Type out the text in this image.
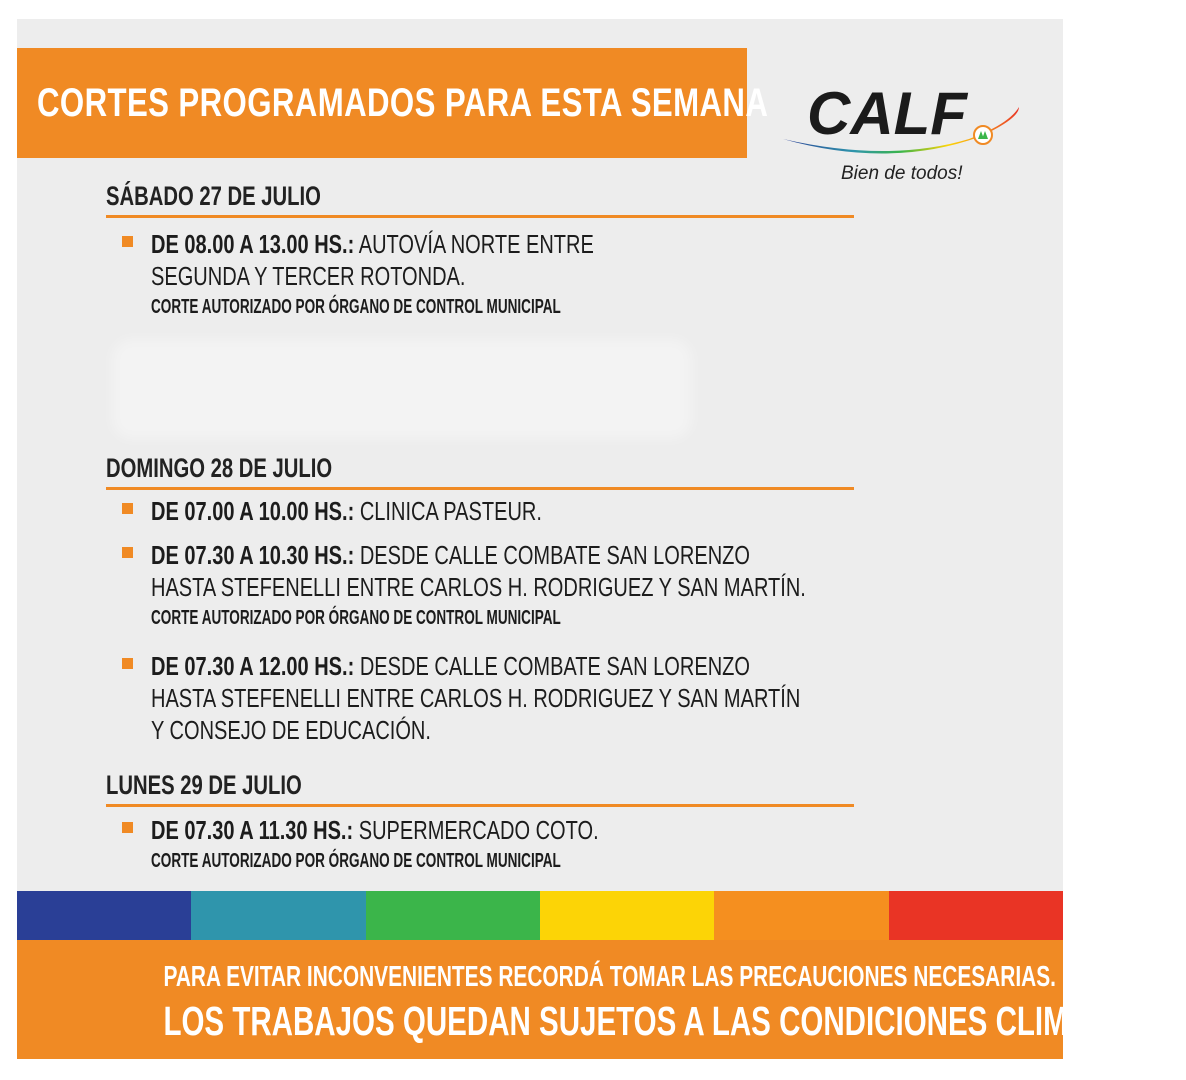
CORTES PROGRAMADOS PARA ESTA SEMANA CALF
Bien de todos!
SÁBADO 27 DE JULIO
DE 08.00 A 13.00 HS.: AUTOVÍA NORTE ENTRE
SEGUNDA Y TERCER ROTONDA.
CORTE AUTORIZADO POR ÓRGANO DE CONTROL MUNICIPAL
DOMINGO 28 DE JULIO
DE 07.00 A 10.00 HS.: CLINICA PASTEUR.
DE 07.30 A 10.30 HS.: DESDE CALLE COMBATE SAN LORENZO
HASTA STEFENELLI ENTRE CARLOS H. RODRIGUEZ Y SAN MARTÍN.
CORTE AUTORIZADO POR ÓRGANO DE CONTROL MUNICIPAL
DE 07.30 A 12.00 HS.: DESDE CALLE COMBATE SAN LORENZO
HASTA STEFENELLI ENTRE CARLOS H. RODRIGUEZ Y SAN MARTÍN
Y CONSEJO DE EDUCACIÓN.
LUNES 29 DE JULIO
DE 07.30 A 11.30 HS.: SUPERMERCADO COTO.
CORTE AUTORIZADO POR ÓRGANO DE CONTROL MUNICIPAL
PARA EVITAR INCONVENIENTES RECORDÁ TOMAR LAS PRECAUCIONES NECESARIAS.
LOS TRABAJOS QUEDAN SUJETOS A LAS CONDICIONES CLIMÁTICAS.
